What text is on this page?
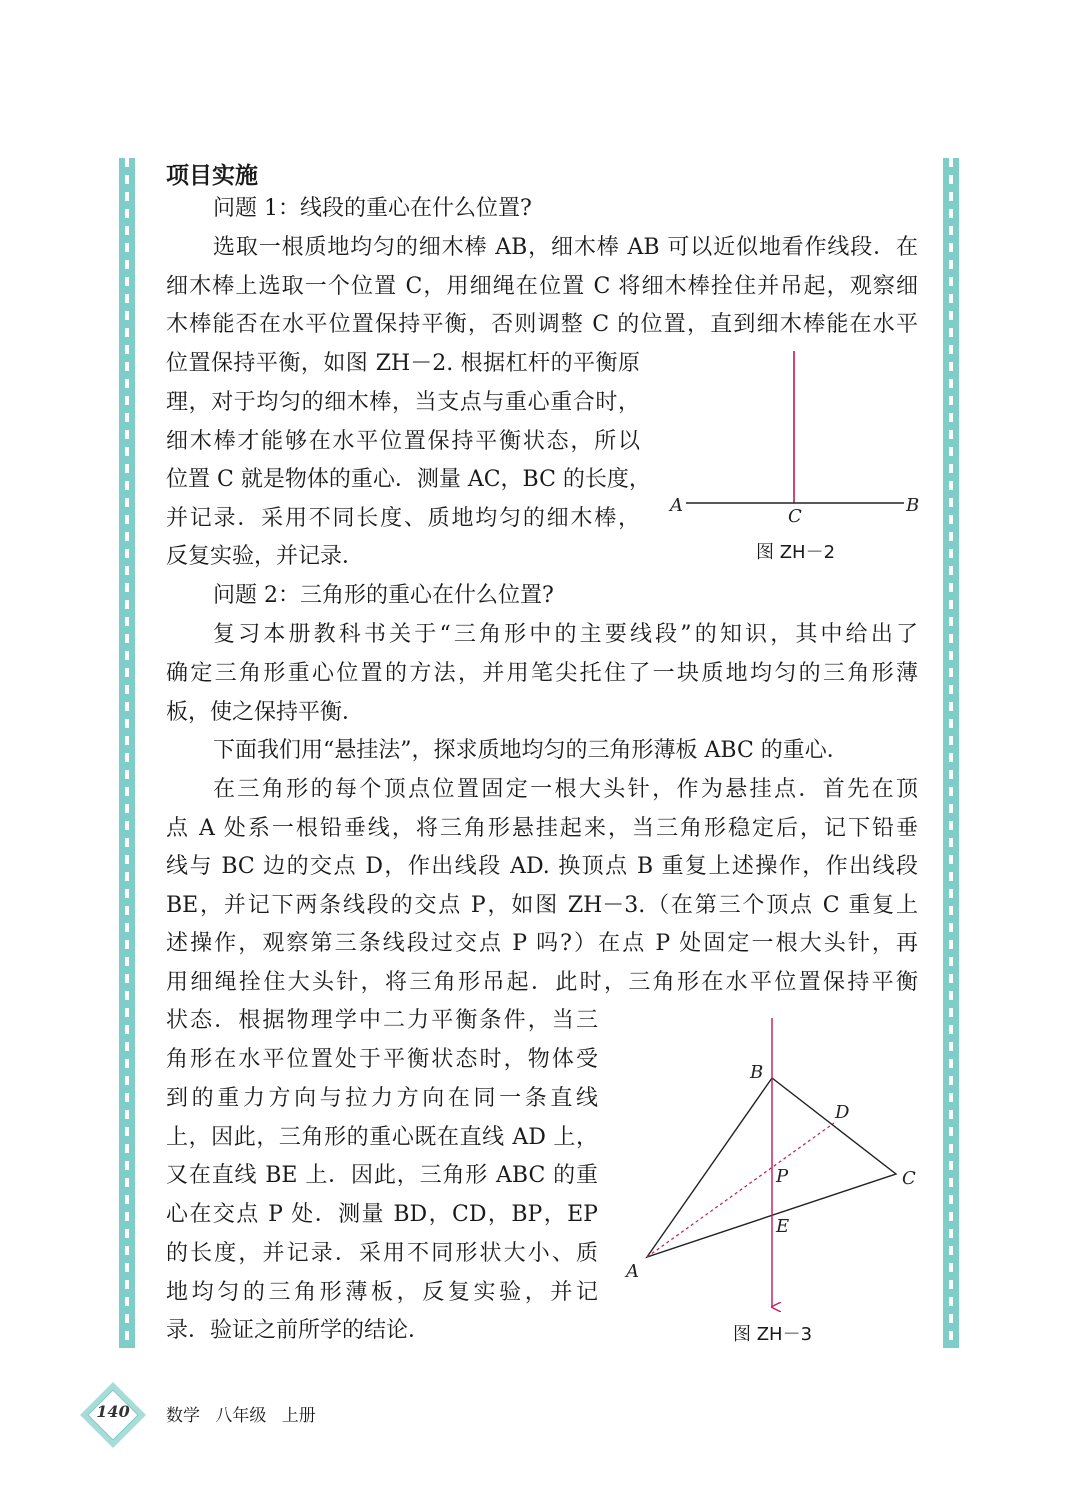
项目实施
问题 1：线段的重心在什么位置?
选取一根质地均匀的细木棒 AB，细木棒 AB 可以近似地看作线段．在
细木棒上选取一个位置 C，用细绳在位置 C 将细木棒拴住并吊起，观察细
木棒能否在水平位置保持平衡，否则调整 C 的位置，直到细木棒能在水平
位置保持平衡，如图 ZH－2. 根据杠杆的平衡原
理，对于均匀的细木棒，当支点与重心重合时，
细木棒才能够在水平位置保持平衡状态，所以
位置 C 就是物体的重心．测量 AC，BC 的长度，
并记录．采用不同长度、质地均匀的细木棒，
反复实验，并记录．
问题 2：三角形的重心在什么位置?
复习本册教科书关于“三角形中的主要线段”的知识，其中给出了
确定三角形重心位置的方法，并用笔尖托住了一块质地均匀的三角形薄
板，使之保持平衡．
下面我们用“悬挂法”，探求质地均匀的三角形薄板 ABC 的重心．
在三角形的每个顶点位置固定一根大头针，作为悬挂点．首先在顶
点 A 处系一根铅垂线，将三角形悬挂起来，当三角形稳定后，记下铅垂
线与 BC 边的交点 D，作出线段 AD. 换顶点 B 重复上述操作，作出线段
BE，并记下两条线段的交点 P，如图 ZH－3.（在第三个顶点 C 重复上
述操作，观察第三条线段过交点 P 吗?）在点 P 处固定一根大头针，再
用细绳拴住大头针，将三角形吊起．此时，三角形在水平位置保持平衡
状态．根据物理学中二力平衡条件，当三
角形在水平位置处于平衡状态时，物体受
到的重力方向与拉力方向在同一条直线
上，因此，三角形的重心既在直线 AD 上，
又在直线 BE 上．因此，三角形 ABC 的重
心在交点 P 处．测量 BD，CD，BP，EP
的长度，并记录．采用不同形状大小、质
地均匀的三角形薄板，反复实验，并记
录．验证之前所学的结论．
A	B
C
图 ZH－2
B
D
C
P
E
A
图 ZH－3
140	数学 八年级 上册
